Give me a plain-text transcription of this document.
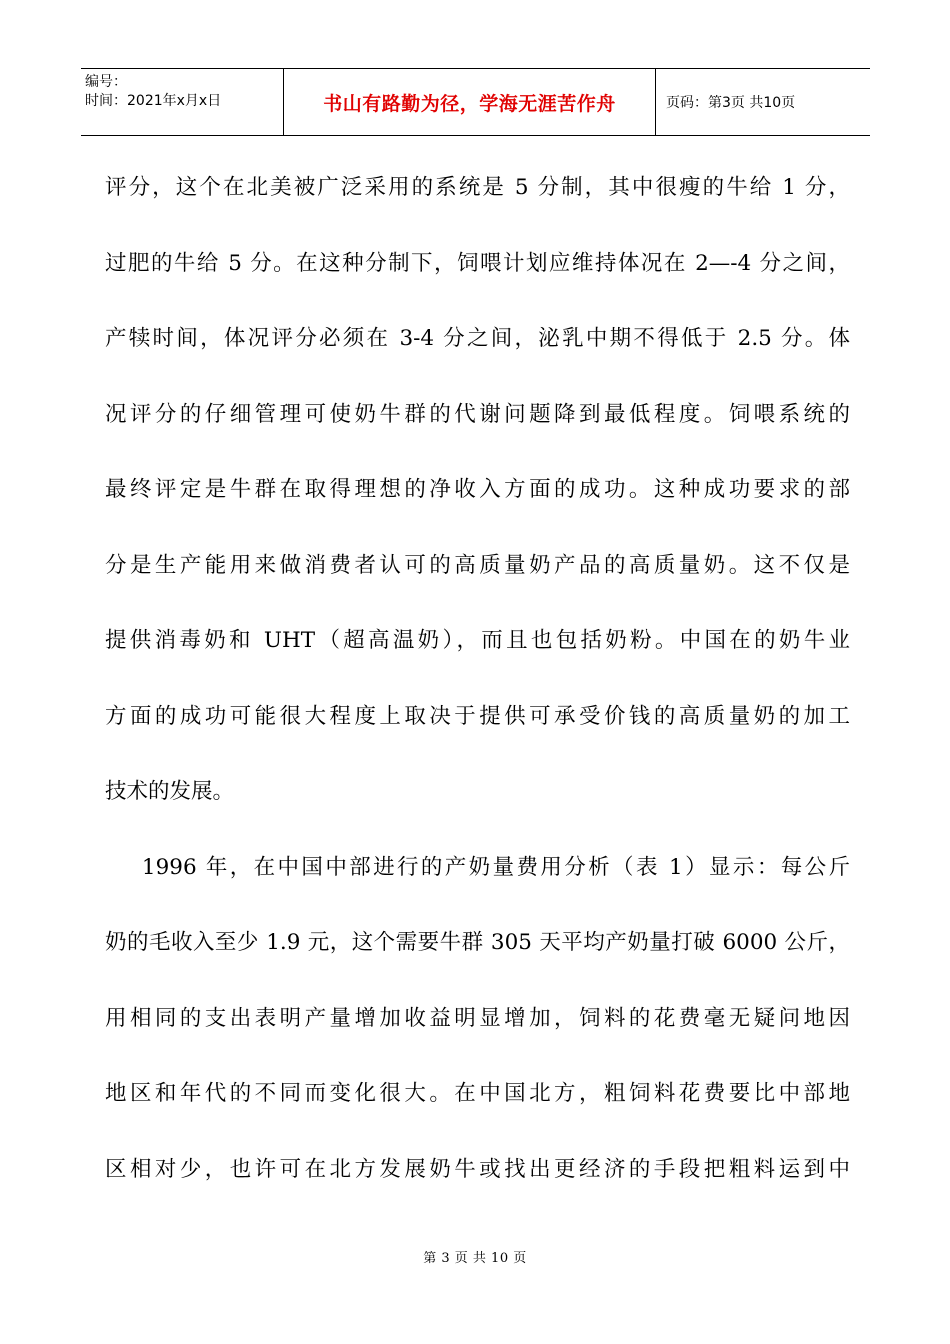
编号：
时间：2021年x月x日	书山有路勤为径，学海无涯苦作舟	页码：第3页 共10页

评分，这个在北美被广泛采用的系统是 5 分制，其中很瘦的牛给 1 分，
过肥的牛给 5 分。在这种分制下，饲喂计划应维持体况在 2—-4 分之间，
产犊时间，体况评分必须在 3-4 分之间，泌乳中期不得低于 2.5 分。体
况评分的仔细管理可使奶牛群的代谢问题降到最低程度。饲喂系统的
最终评定是牛群在取得理想的净收入方面的成功。这种成功要求的部
分是生产能用来做消费者认可的高质量奶产品的高质量奶。这不仅是
提供消毒奶和 UHT（超高温奶），而且也包括奶粉。中国在的奶牛业
方面的成功可能很大程度上取决于提供可承受价钱的高质量奶的加工
技术的发展。

1996 年，在中国中部进行的产奶量费用分析（表 1）显示：每公斤
奶的毛收入至少 1.9 元，这个需要牛群 305 天平均产奶量打破 6000 公斤，
用相同的支出表明产量增加收益明显增加，饲料的花费毫无疑问地因
地区和年代的不同而变化很大。在中国北方，粗饲料花费要比中部地
区相对少，也许可在北方发展奶牛或找出更经济的手段把粗料运到中

第 3 页 共 10 页
